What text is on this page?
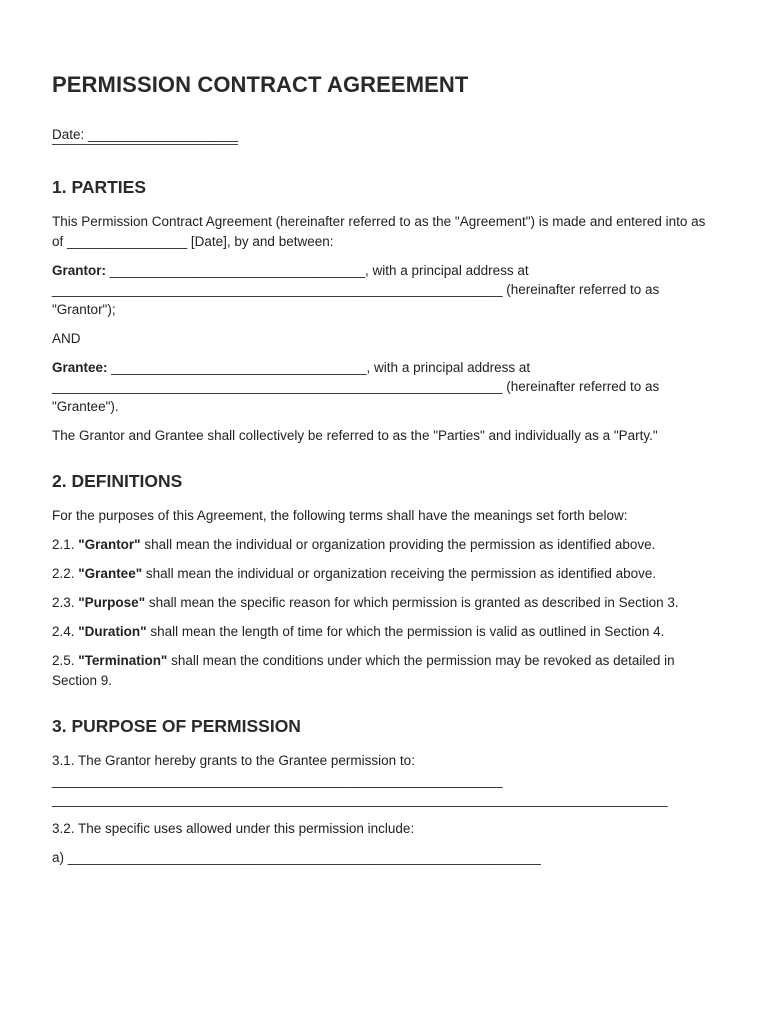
PERMISSION CONTRACT AGREEMENT
Date: ____________________
1. PARTIES

This Permission Contract Agreement (hereinafter referred to as the "Agreement") is made and entered into as of ________________ [Date], by and between:

Grantor: __________________________________, with a principal address at
____________________________________________________________ (hereinafter referred to as "Grantor");

AND

Grantee: __________________________________, with a principal address at
____________________________________________________________ (hereinafter referred to as "Grantee").

The Grantor and Grantee shall collectively be referred to as the "Parties" and individually as a "Party."

2. DEFINITIONS

For the purposes of this Agreement, the following terms shall have the meanings set forth below:

2.1. "Grantor" shall mean the individual or organization providing the permission as identified above.

2.2. "Grantee" shall mean the individual or organization receiving the permission as identified above.

2.3. "Purpose" shall mean the specific reason for which permission is granted as described in Section 3.

2.4. "Duration" shall mean the length of time for which the permission is valid as outlined in Section 4.

2.5. "Termination" shall mean the conditions under which the permission may be revoked as detailed in Section 9.

3. PURPOSE OF PERMISSION

3.1. The Grantor hereby grants to the Grantee permission to:

____________________________________________________________

__________________________________________________________________________________

3.2. The specific uses allowed under this permission include:

a) _______________________________________________________________
